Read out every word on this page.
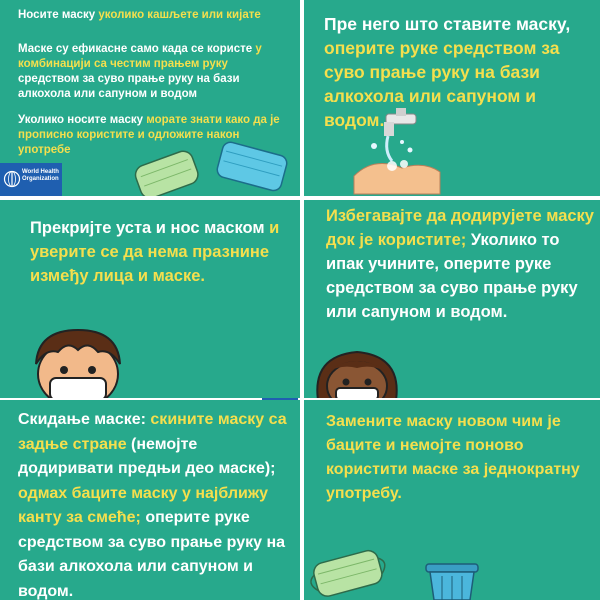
Носите маску уколико кашљете или кијате

Маске су ефикасне само када се користе у комбинацији са честим прањем руку средством за суво прање руку на бази алкохола или сапуном и водом

Уколико носите маску морате знати како да је прописно користите и одложите након употребе

World Health
Organization

Пре него што ставите маску, оперите руке средством за суво прање руку на бази алкохола или сапуном и водом.

Прекријте уста и нос маском и уверите се да нема празнине између лица и маске.

Избегавајте да додирујете маску док је користите; Уколико то ипак учините, оперите руке средством за суво прање руку или сапуном и водом.

Скидање маске: скините маску са задње стране (немојте додиривати предњи део маске); одмах баците маску у најближу канту за смеће; оперите руке средством за суво прање руку на бази алкохола или сапуном и водом.

Замените маску новом чим је баците и немојте поново користити маске за једнократну употребу.
